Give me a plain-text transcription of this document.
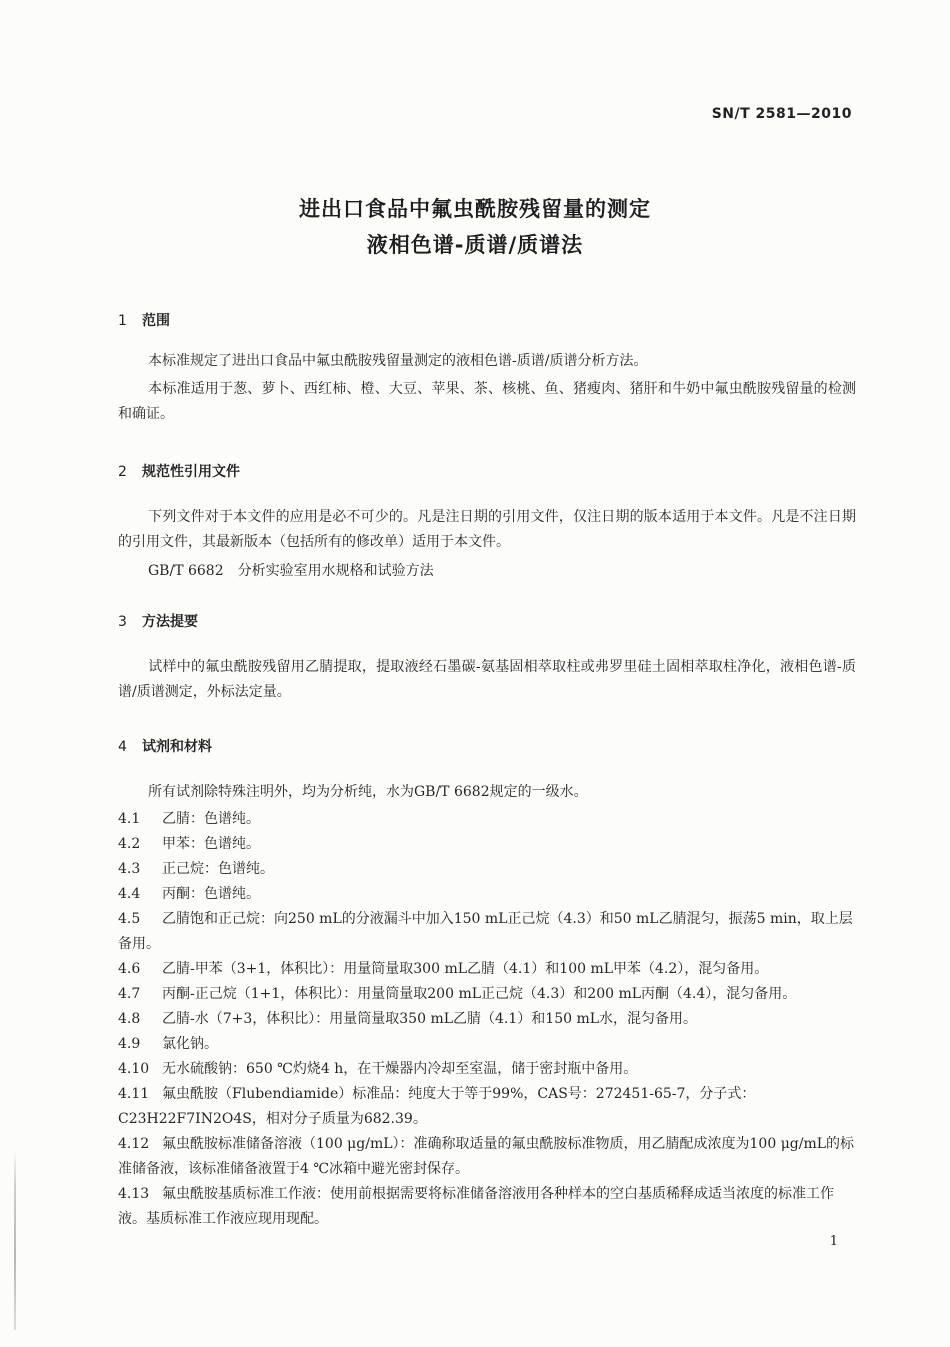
SN/T 2581—2010
进出口食品中氟虫酰胺残留量的测定
液相色谱-质谱/质谱法
1 范围
本标准规定了进出口食品中氟虫酰胺残留量测定的液相色谱-质谱/质谱分析方法。
本标准适用于葱、萝卜、西红柿、橙、大豆、苹果、茶、核桃、鱼、猪瘦肉、猪肝和牛奶中氟虫酰胺残留量的检测和确证。
2 规范性引用文件
下列文件对于本文件的应用是必不可少的。凡是注日期的引用文件，仅注日期的版本适用于本文件。凡是不注日期的引用文件，其最新版本（包括所有的修改单）适用于本文件。
GB/T 6682　分析实验室用水规格和试验方法
3 方法提要
试样中的氟虫酰胺残留用乙腈提取，提取液经石墨碳-氨基固相萃取柱或弗罗里硅土固相萃取柱净化，液相色谱-质谱/质谱测定，外标法定量。
4 试剂和材料
所有试剂除特殊注明外，均为分析纯，水为GB/T 6682规定的一级水。
4.1 乙腈：色谱纯。
4.2 甲苯：色谱纯。
4.3 正己烷：色谱纯。
4.4 丙酮：色谱纯。
4.5 乙腈饱和正己烷：向250 mL的分液漏斗中加入150 mL正己烷（4.3）和50 mL乙腈混匀，振荡5 min，取上层备用。
4.6 乙腈-甲苯（3+1，体积比）：用量筒量取300 mL乙腈（4.1）和100 mL甲苯（4.2），混匀备用。
4.7 丙酮-正己烷（1+1，体积比）：用量筒量取200 mL正己烷（4.3）和200 mL丙酮（4.4），混匀备用。
4.8 乙腈-水（7+3，体积比）：用量筒量取350 mL乙腈（4.1）和150 mL水，混匀备用。
4.9 氯化钠。
4.10 无水硫酸钠：650 ℃灼烧4 h，在干燥器内冷却至室温，储于密封瓶中备用。
4.11 氟虫酰胺（Flubendiamide）标准品：纯度大于等于99%，CAS号：272451-65-7，分子式：C23H22F7IN2O4S，相对分子质量为682.39。
4.12 氟虫酰胺标准储备溶液（100 μg/mL）：准确称取适量的氟虫酰胺标准物质，用乙腈配成浓度为100 μg/mL的标准储备液，该标准储备液置于4 ℃冰箱中避光密封保存。
4.13 氟虫酰胺基质标准工作液：使用前根据需要将标准储备溶液用各种样本的空白基质稀释成适当浓度的标准工作液。基质标准工作液应现用现配。
1
